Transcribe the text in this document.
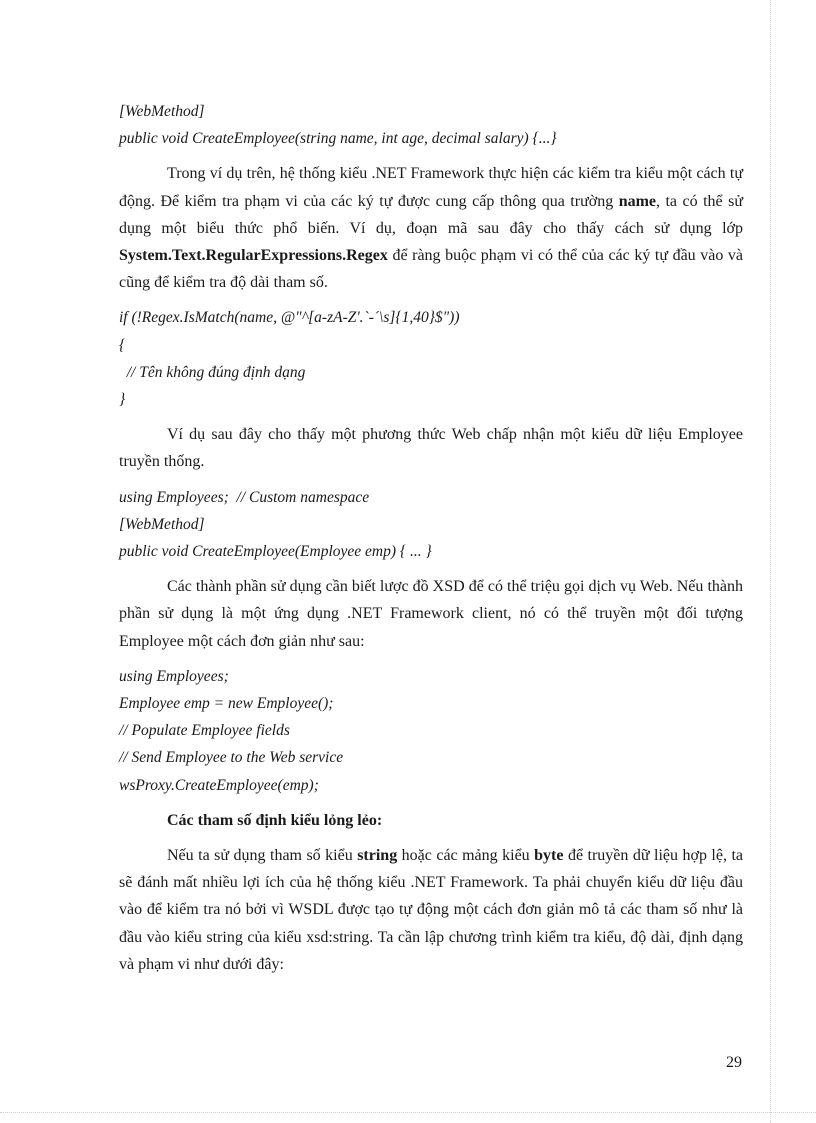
[WebMethod]

public void CreateEmployee(string name, int age, decimal salary) {...}

Trong ví dụ trên, hệ thống kiểu .NET Framework thực hiện các kiểm tra kiểu một cách tự động. Để kiểm tra phạm vi của các ký tự được cung cấp thông qua trường name, ta có thể sử dụng một biểu thức phổ biến. Ví dụ, đoạn mã sau đây cho thấy cách sử dụng lớp System.Text.RegularExpressions.Regex để ràng buộc phạm vi có thể của các ký tự đầu vào và cũng để kiểm tra độ dài tham số.

if (!Regex.IsMatch(name, @"^[a-zA-Z'.`-´\s]{1,40}$"))

{

// Tên không đúng định dạng

}

Ví dụ sau đây cho thấy một phương thức Web chấp nhận một kiểu dữ liệu Employee truyền thống.

using Employees;  // Custom namespace

[WebMethod]

public void CreateEmployee(Employee emp) { ... }

Các thành phần sử dụng cần biết lược đồ XSD để có thể triệu gọi dịch vụ Web. Nếu thành phần sử dụng là một ứng dụng .NET Framework client, nó có thể truyền một đối tượng Employee một cách đơn giản như sau:

using Employees;

Employee emp = new Employee();

// Populate Employee fields

// Send Employee to the Web service

wsProxy.CreateEmployee(emp);

Các tham số định kiểu lỏng lẻo:

Nếu ta sử dụng tham số kiểu string hoặc các mảng kiểu byte để truyền dữ liệu hợp lệ, ta sẽ đánh mất nhiều lợi ích của hệ thống kiểu .NET Framework. Ta phải chuyển kiểu dữ liệu đầu vào để kiểm tra nó bởi vì WSDL được tạo tự động một cách đơn giản mô tả các tham số như là đầu vào kiểu string của kiểu xsd:string. Ta cần lập chương trình kiểm tra kiểu, độ dài, định dạng và phạm vi như dưới đây:

29
